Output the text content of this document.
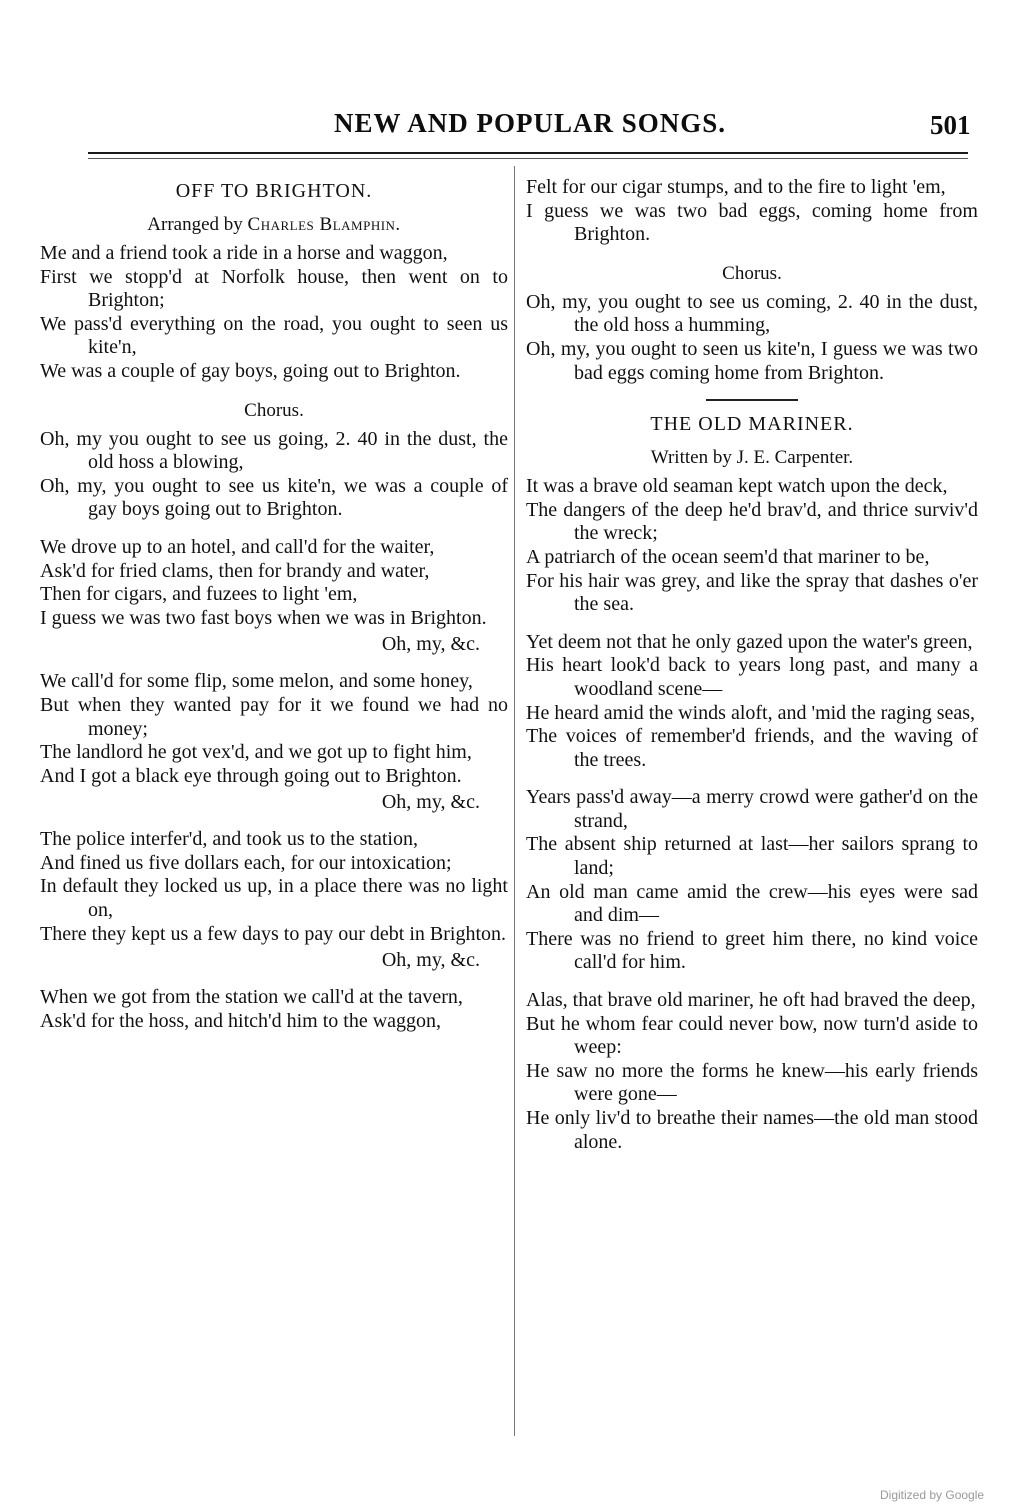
NEW AND POPULAR SONGS.	501
OFF TO BRIGHTON.
Arranged by Charles Blamphin.
Me and a friend took a ride in a horse and waggon,
First we stopp'd at Norfolk house, then went on to Brighton;
We pass'd everything on the road, you ought to seen us kite'n,
We was a couple of gay boys, going out to Brighton.
Chorus.
Oh, my you ought to see us going, 2. 40 in the dust, the old hoss a blowing,
Oh, my, you ought to see us kite'n, we was a couple of gay boys going out to Brighton.
We drove up to an hotel, and call'd for the waiter,
Ask'd for fried clams, then for brandy and water,
Then for cigars, and fuzees to light 'em,
I guess we was two fast boys when we was in Brighton.
Oh, my, &c.
We call'd for some flip, some melon, and some honey,
But when they wanted pay for it we found we had no money;
The landlord he got vex'd, and we got up to fight him,
And I got a black eye through going out to Brighton.
Oh, my, &c.
The police interfer'd, and took us to the station,
And fined us five dollars each, for our intoxication;
In default they locked us up, in a place there was no light on,
There they kept us a few days to pay our debt in Brighton.
Oh, my, &c.
When we got from the station we call'd at the tavern,
Ask'd for the hoss, and hitch'd him to the waggon,
Felt for our cigar stumps, and to the fire to light 'em,
I guess we was two bad eggs, coming home from Brighton.
Chorus.
Oh, my, you ought to see us coming, 2. 40 in the dust, the old hoss a humming,
Oh, my, you ought to seen us kite'n, I guess we was two bad eggs coming home from Brighton.
THE OLD MARINER.
Written by J. E. Carpenter.
It was a brave old seaman kept watch upon the deck,
The dangers of the deep he'd brav'd, and thrice surviv'd the wreck;
A patriarch of the ocean seem'd that mariner to be,
For his hair was grey, and like the spray that dashes o'er the sea.
Yet deem not that he only gazed upon the water's green,
His heart look'd back to years long past, and many a woodland scene—
He heard amid the winds aloft, and 'mid the raging seas,
The voices of remember'd friends, and the waving of the trees.
Years pass'd away—a merry crowd were gather'd on the strand,
The absent ship returned at last—her sailors sprang to land;
An old man came amid the crew—his eyes were sad and dim—
There was no friend to greet him there, no kind voice call'd for him.
Alas, that brave old mariner, he oft had braved the deep,
But he whom fear could never bow, now turn'd aside to weep:
He saw no more the forms he knew—his early friends were gone—
He only liv'd to breathe their names—the old man stood alone.
Digitized by Google
